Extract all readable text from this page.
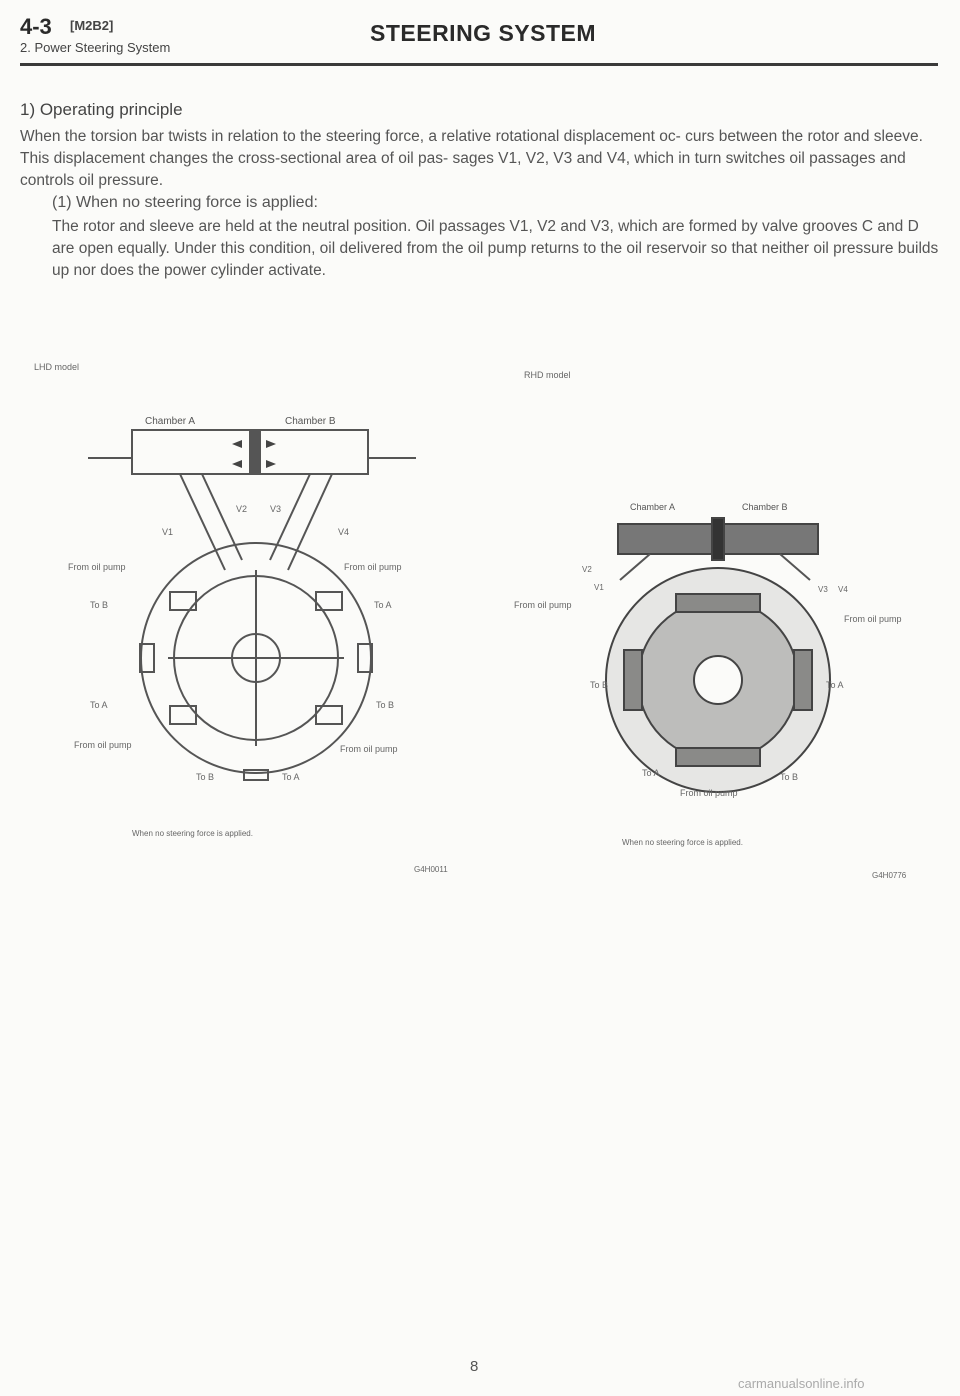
4-3 [M2B2]
2. Power Steering System
STEERING SYSTEM
1) Operating principle
When the torsion bar twists in relation to the steering force, a relative rotational displacement oc- curs between the rotor and sleeve. This displacement changes the cross-sectional area of oil pas- sages V1, V2, V3 and V4, which in turn switches oil passages and controls oil pressure.
(1) When no steering force is applied:
The rotor and sleeve are held at the neutral position. Oil passages V1, V2 and V3, which are formed by valve grooves C and D are open equally. Under this condition, oil delivered from the oil pump returns to the oil reservoir so that neither oil pressure builds up nor does the power cylinder activate.
LHD model
Chamber A	Chamber B
V1
V2	V3
V4
From oil pump	From oil pump
To B	To A
To A	To B
From oil pump	From oil pump
To B	To A
When no steering force is applied.
G4H0011
RHD model
Chamber A	Chamber B
V2
V1	V3 V4
From oil pump
From oil pump
To B	To A
To A	To B
From oil pump
When no steering force is applied.
G4H0776
8
carmanualsonline.info
